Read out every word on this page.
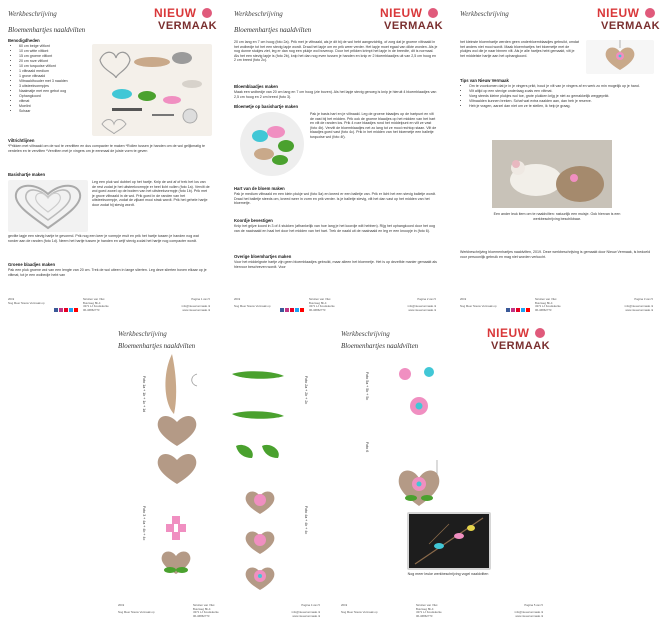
Werkbeschrijving	NIEUW
VERMAAK
Bloemenhartjes naaldvilten
Benodigdheden
• 60 cm beige viltlont
• 10 cm witte viltlont
• 15 cm groene viltlont
• 20 cm roze viltlont
• 10 cm turquoise viltlont
• 1 viltnaald medium
• 1 grove viltnaald
• Viltnaaldhouder met 3 naalden
• 3 uitsteekvormpjes
• Naaimatje met een gebot oog
• Ophangkoord
• viltmat
• Moelint
• Schaar
Viltrichtlijnen
*Prikken met viltnaald om de wol te verviltten en dus compacter te maken *Rollen tussen je handen om de wol gelijkmatig te verdelen en te vervilten *Vervilten met je vingers om je eenmaal de juiste vorm te geven
Basishartje maken
Leg een pluk wol dubbel op het hartje. Knip de wol af of trek het los van de rest zodat je het uitsteekvormpje er heel licht vullen (foto 1a). Vervilt de wol goed zowel op de bodem van het uitsteekvormpje (foto 1b). Prik met je grove viltnaald in de wol. Prik goed in de randen van het uitsteekvormpje, zodat de zijkant mooi strak wordt. Prik het gehele hartje door zodat hij stevig wordt.
gevilte lagje een stevig hartje te gevormd. Prik nog een keer je vormpje eruit en prik het hartje tussen je handen nog wat ronder aan de randen (foto 1d). Neem het hartje tussen je handen en wrijf stevig zodat het hartje nog compacter wordt.
Groene blaadjes maken
Pak een pluk groene wol van een lengte van 20 cm. Trek de wol uiteen in lange slierten. Leg deze slierten boven elkaar op je viltmat, tot je een wolbedje hebt van
2019
Nog Meer Nieuw Vermaak op
Nicolien van Vliet
Buurweg 8b-4
4371 LJ Koudekerke
06-46862773
Pagina 1 van 5

info@nieuwvermaak.nl
www.nieuwvermaak.nl
Werkbeschrijving	NIEUW
VERMAAK
Bloemenhartjes naaldvilten
20 cm lang en 7 cm hoog (foto 2a). Prik met je viltnaald, als je dit bij de wol hebt aangezichtig, of zorg dat je groene viltnaald in het wolbedje tot het een stevig lapje wordt. Draai het lapje om en prik weer verder. Het lapje moet egaal van dikte worden. Als je nog dunne stukjes ziet, leg er dan nog een plukje wol bovenop. Door het prikken krimpt het lapje in de breedte, dit is normaal. Als het een stevig lapje is (foto 2b), knip het dan nog even tussen je handen en knip er 2 bloemblaadjes uit van 2,5 cm hoog en 2 cm breed (foto 2c).
Bloemblaadjes maken
Maak een wolbedje van 20 cm lang en 7 cm hoog (zie boven). Als het lapje stevig genoeg is knip je hieruit 4 bloemblaadjes van 2,5 cm hoog en 2 cm breed (foto 3).
Bloemetje op basishartje maken
Pak je basis hart en je viltnaald. Leg de groene blaadjes op de hartpunt en vilt de vast bij het midden. Prik ook de groene blaadjes op het midden van het hart en vilt de randen los. Prik 4 roze blaadjes rond het middelpunt en vilt ze vast (foto 4b). Vervilt de bloemblaadjes net zo lang tot ze mooi rechtop staan. Vilt de blaadjes goed vast (foto 4c). Prik in het midden van het bloemetje een balletje turquoise wol (foto 4f).
Hart van de bloem maken
Pak je medium viltnaald en een klein plukje wol (foto 5a) en kneed er een balletje van. Prik er licht het een stevig balletje wordt. Draai het balletje steeds om, kneed weer in vorm en prik verder. Is je balletje stevig, vilt het dan vast op het midden van het bloemetje.
Koordje bevestigen
Knip het grijze koord in 3 of 4 stukken (afhankelijk van hoe lang je het koordje wilt hebben). Rijg het ophangkoord door het oog van de naainaald en haal het door het midden van het hart. Trek de naald uit de naainaald en leg er een knoopje in (foto 6).
Overige bloemhartjes maken
Voor het middelgrote hartje zijn geen bloemblaadjes gebruikt, maar alleen het bloemetje. Het is op dezelfde manier gemaakt als hiervoor beschreven wordt. Voor
2019

Nog Meer Nieuw Vermaak op
Nicolien van Vliet
Buurweg 8b-4
4371 LJ Koudekerke
06-46862773
Pagina 2 van 5

info@nieuwvermaak.nl
www.nieuwvermaak.nl
Werkbeschrijving	NIEUW
VERMAAK
het kleinste bloemhartje werden geen onderbloemblaadjes gebruikt, omdat het anders niet mooi wordt. Maak bloemhartjes het bloemetje met de plukjes wol die je naar binnen vilt. Als je alle hartjes hebt gemaakt, vilt je het middelste hartje aan het ophangkoord.
Tips van Nieuw Vermaak
• Om te voorkomen dat je in je vingers prikt, houd je vilt van je vingers af en werk zo min mogelijk op je hand.
• Vilt altijd op een stevige onderlaag zoals een viltmat.
• Voeg steeds kleine plukjes wol toe, grote plukken krijg je niet zo gemakkelijk weggeprikt.
• Viltnaalden kunnen breken. Schaf wat extra naalden aan, dan heb je reserve.
• Heb je vragen, aarzel dan niet om ze te stellen, ik help je graag.
Een ander leuk item om te naaldvilten: natuurlijk een muisje. Ook hiervan is een werkbeschrijving beschikbaar.
Werkbeschrijving bloemenhartjes naaldvilten, 2019. Deze werkbeschrijving is gemaakt door Nieuw Vermaak, is bedoeld voor persoonlijk gebruik en mag niet worden verkocht.
2019

Nog Meer Nieuw Vermaak op
Nicolien van Vliet
Buurweg 8b-4
4371 LJ Koudekerke
06-46862773
Pagina 3 van 5

info@nieuwvermaak.nl
www.nieuwvermaak.nl
Werkbeschrijving
Bloemenhartjes naaldvilten
Foto 1a + 1b + 1c + 1d	Foto 2a + 2b + 2c
Foto 3 + 4a + 4b + 4c	Foto 4a + 4b + 4c
2019

Nog Meer Nieuw Vermaak op
Nicolien van Vliet
Buurweg 8b-4
4371 LJ Koudekerke
06-46862773
Pagina 4 van 5

info@nieuwvermaak.nl
www.nieuwvermaak.nl
Werkbeschrijving
Bloemenhartjes naaldvilten
NIEUW
VERMAAK
Foto 5a + 5b + 5c
Foto 6
Nog meer leuke werkbeschrijving vogel naaldvilten
2019

Nog Meer Nieuw Vermaak op
Nicolien van Vliet
Buurweg 8b-4
4371 LJ Koudekerke
06-46862773
Pagina 5 van 5

info@nieuwvermaak.nl
www.nieuwvermaak.nl
